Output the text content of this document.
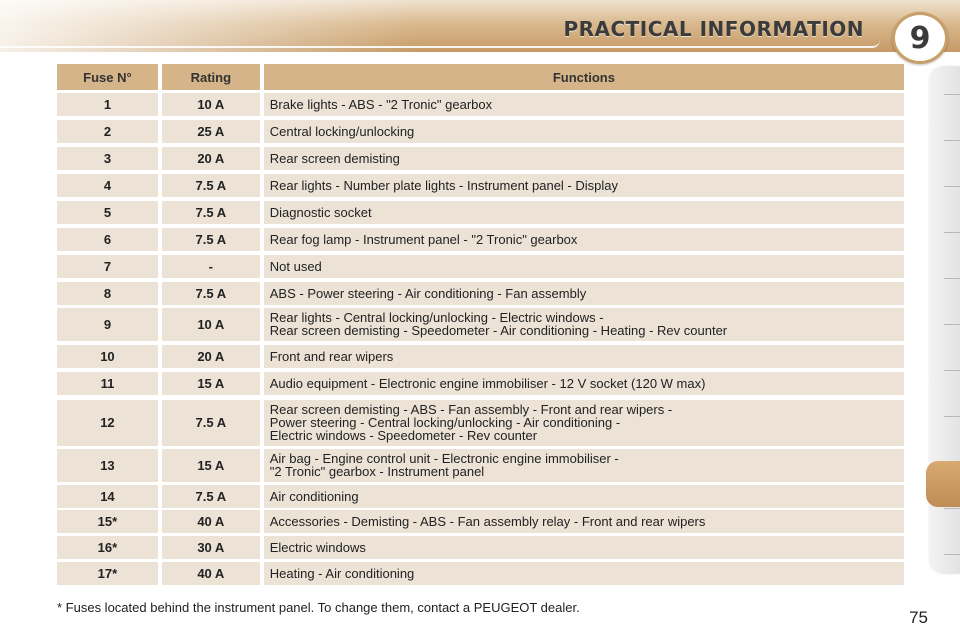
PRACTICAL INFORMATION 9
Fuse N°	Rating	Functions
1	10 A	Brake lights - ABS - "2 Tronic" gearbox
2	25 A	Central locking/unlocking
3	20 A	Rear screen demisting
4	7.5 A	Rear lights - Number plate lights - Instrument panel - Display
5	7.5 A	Diagnostic socket
6	7.5 A	Rear fog lamp - Instrument panel - "2 Tronic" gearbox
7	-	Not used
8	7.5 A	ABS - Power steering - Air conditioning - Fan assembly
9	10 A	Rear lights - Central locking/unlocking - Electric windows -
Rear screen demisting - Speedometer - Air conditioning - Heating - Rev counter
10	20 A	Front and rear wipers
11	15 A	Audio equipment - Electronic engine immobiliser - 12 V socket (120 W max)
12	7.5 A
Rear screen demisting - ABS - Fan assembly - Front and rear wipers -
Power steering - Central locking/unlocking - Air conditioning -
Electric windows - Speedometer - Rev counter
13	15 A	Air bag - Engine control unit - Electronic engine immobiliser -
"2 Tronic" gearbox - Instrument panel
14	7.5 A	Air conditioning
15*	40 A	Accessories - Demisting - ABS - Fan assembly relay - Front and rear wipers
16*	30 A	Electric windows
17*	40 A	Heating - Air conditioning
* Fuses located behind the instrument panel. To change them, contact a PEUGEOT dealer.
75
